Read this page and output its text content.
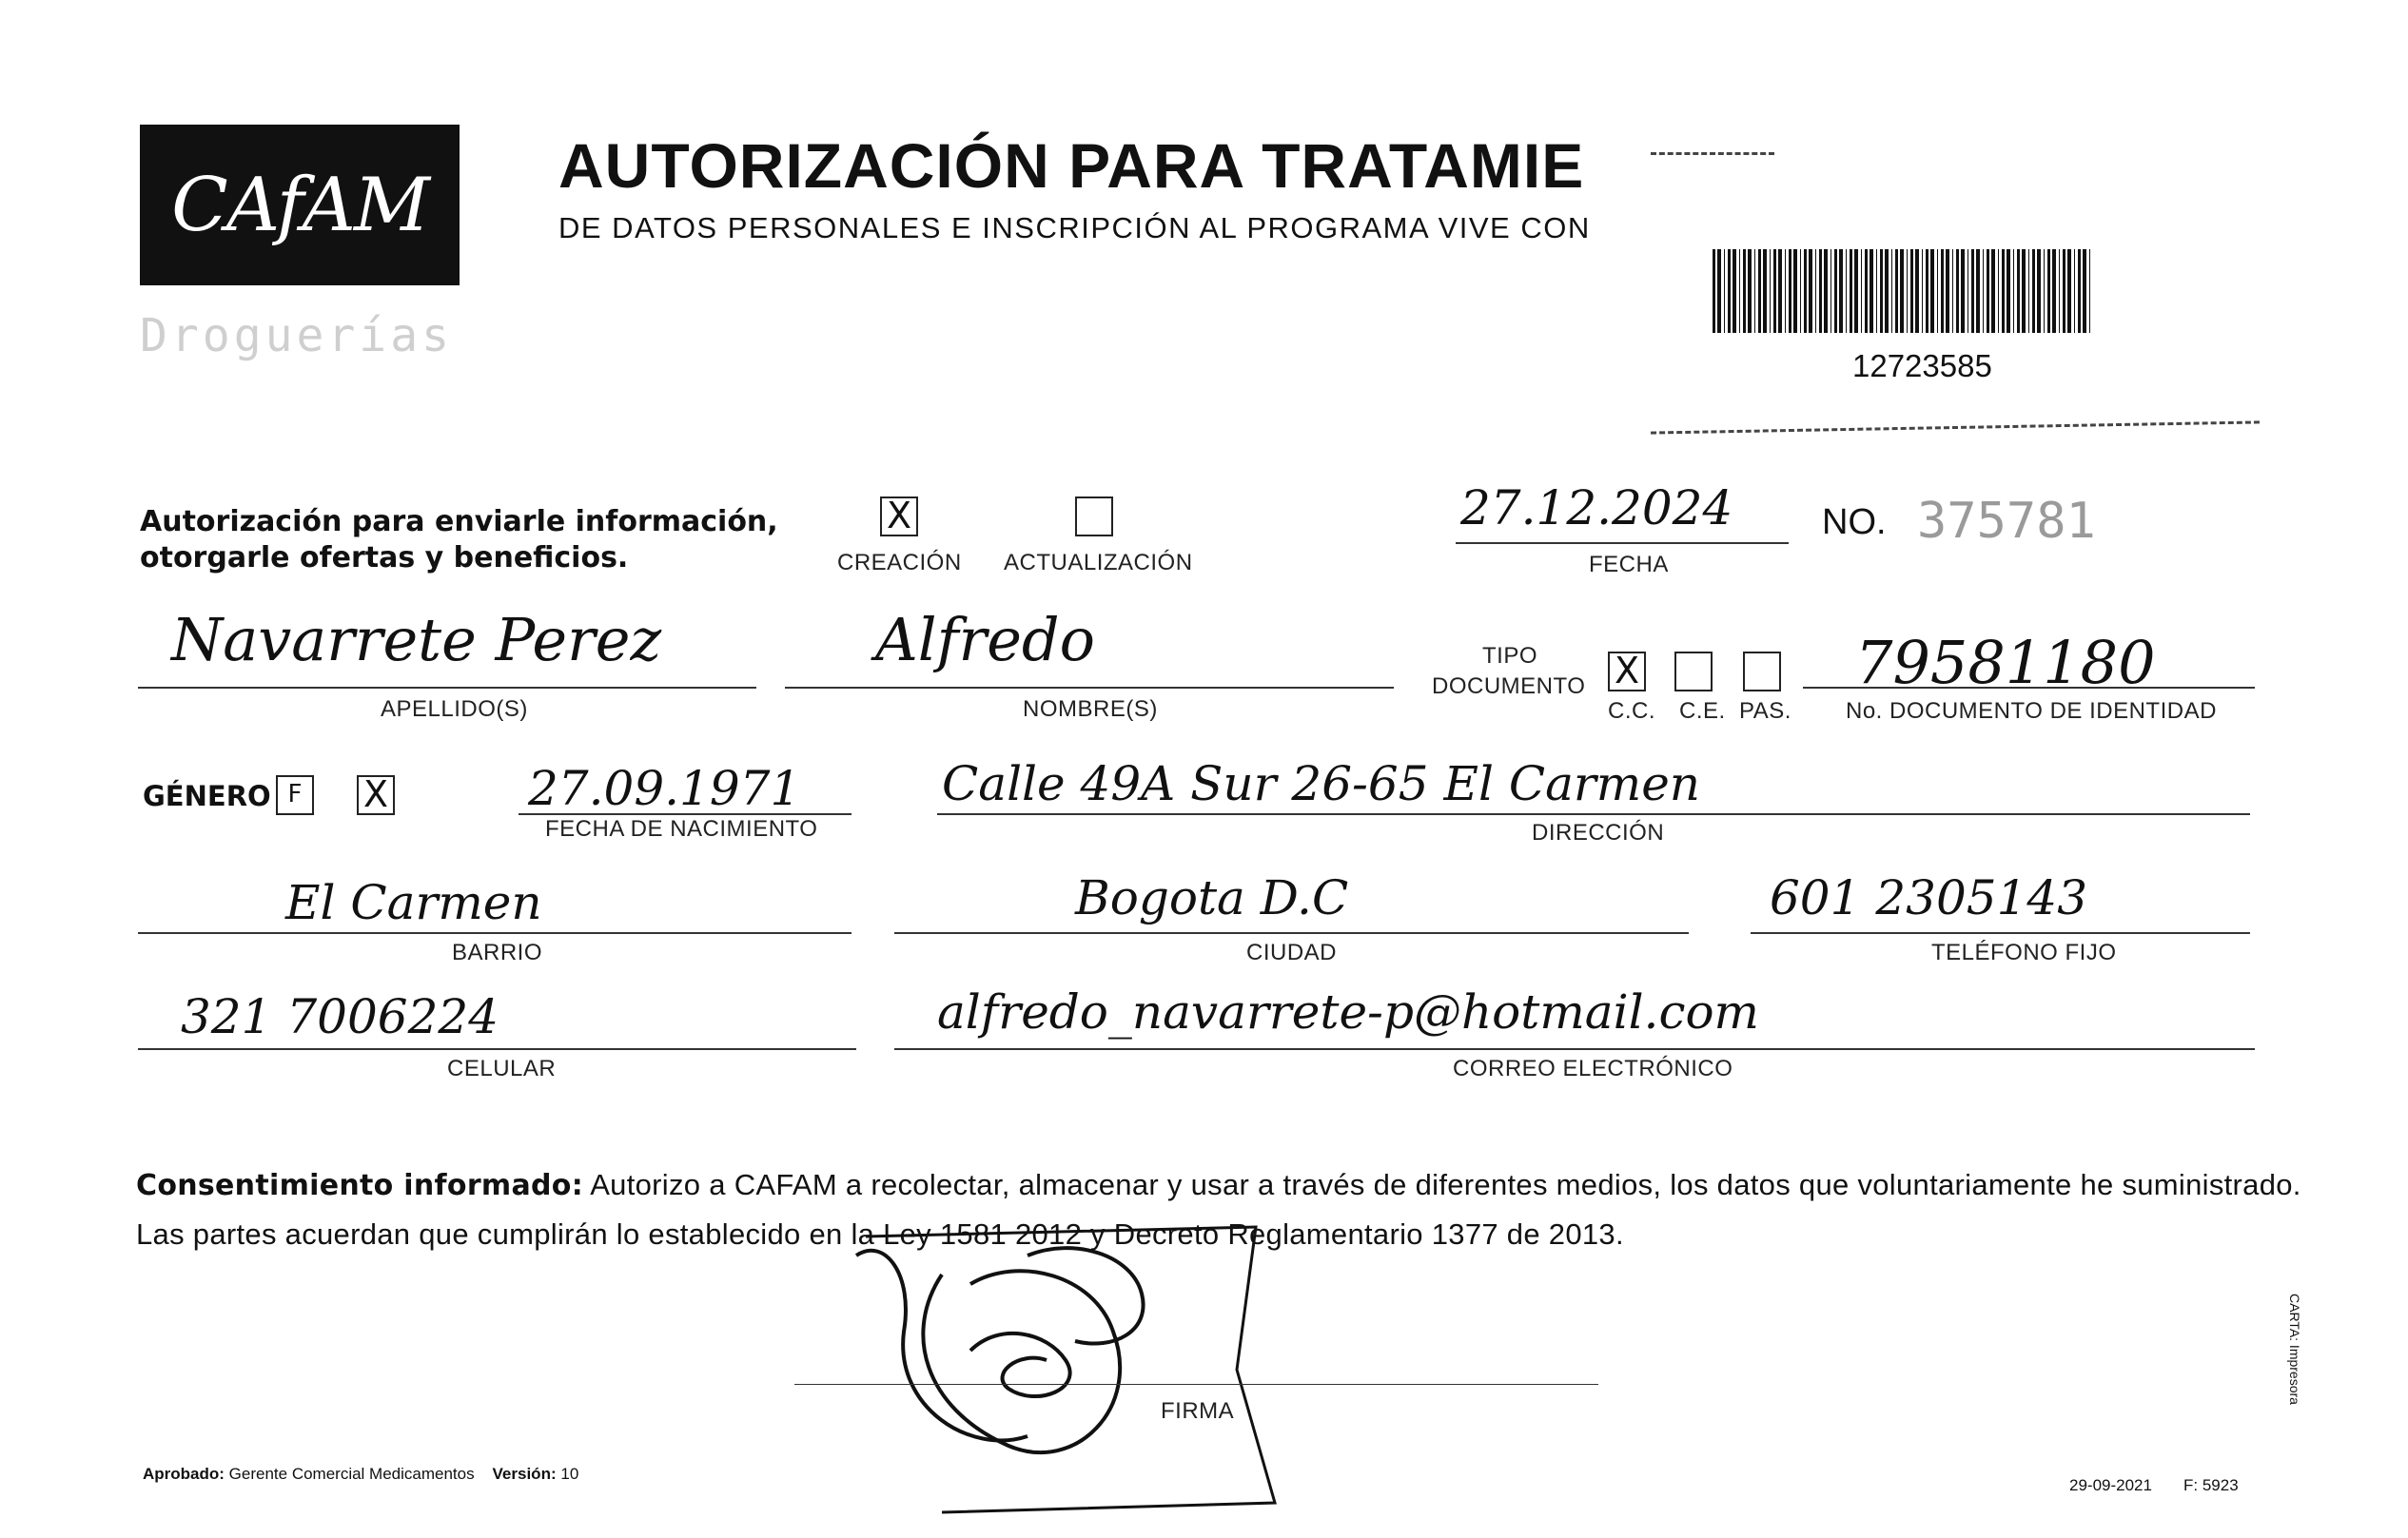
CAfAM
Droguerías
AUTORIZACIÓN PARA TRATAMIE
DE DATOS PERSONALES E INSCRIPCIÓN AL PROGRAMA VIVE CON
12723585
Autorización para enviarle información,
otorgarle ofertas y beneficios.
X
CREACIÓN ACTUALIZACIÓN
27.12.2024
FECHA
NO. 375781
Navarrete Perez
APELLIDO(S)
Alfredo
NOMBRE(S)
TIPO
DOCUMENTO X
C.C. C.E. PAS.
79581180
No. DOCUMENTO DE IDENTIDAD
GÉNERO F	X	27.09.1971
FECHA DE NACIMIENTO
Calle 49A Sur 26-65 El Carmen
DIRECCIÓN
El Carmen
BARRIO
Bogota D.C
CIUDAD
601 2305143
TELÉFONO FIJO
321 7006224
CELULAR
alfredo_navarrete-p@hotmail.com
CORREO ELECTRÓNICO
Consentimiento informado: Autorizo a CAFAM a recolectar, almacenar y usar a través de diferentes medios, los datos que voluntariamente he suministrado.
Las partes acuerdan que cumplirán lo establecido en la Ley 1581 2012 y Decreto Reglamentario 1377 de 2013.
FIRMA
Aprobado: Gerente Comercial Medicamentos Versión: 10
29-09-2021 F: 5923
CARTA: Impresora
